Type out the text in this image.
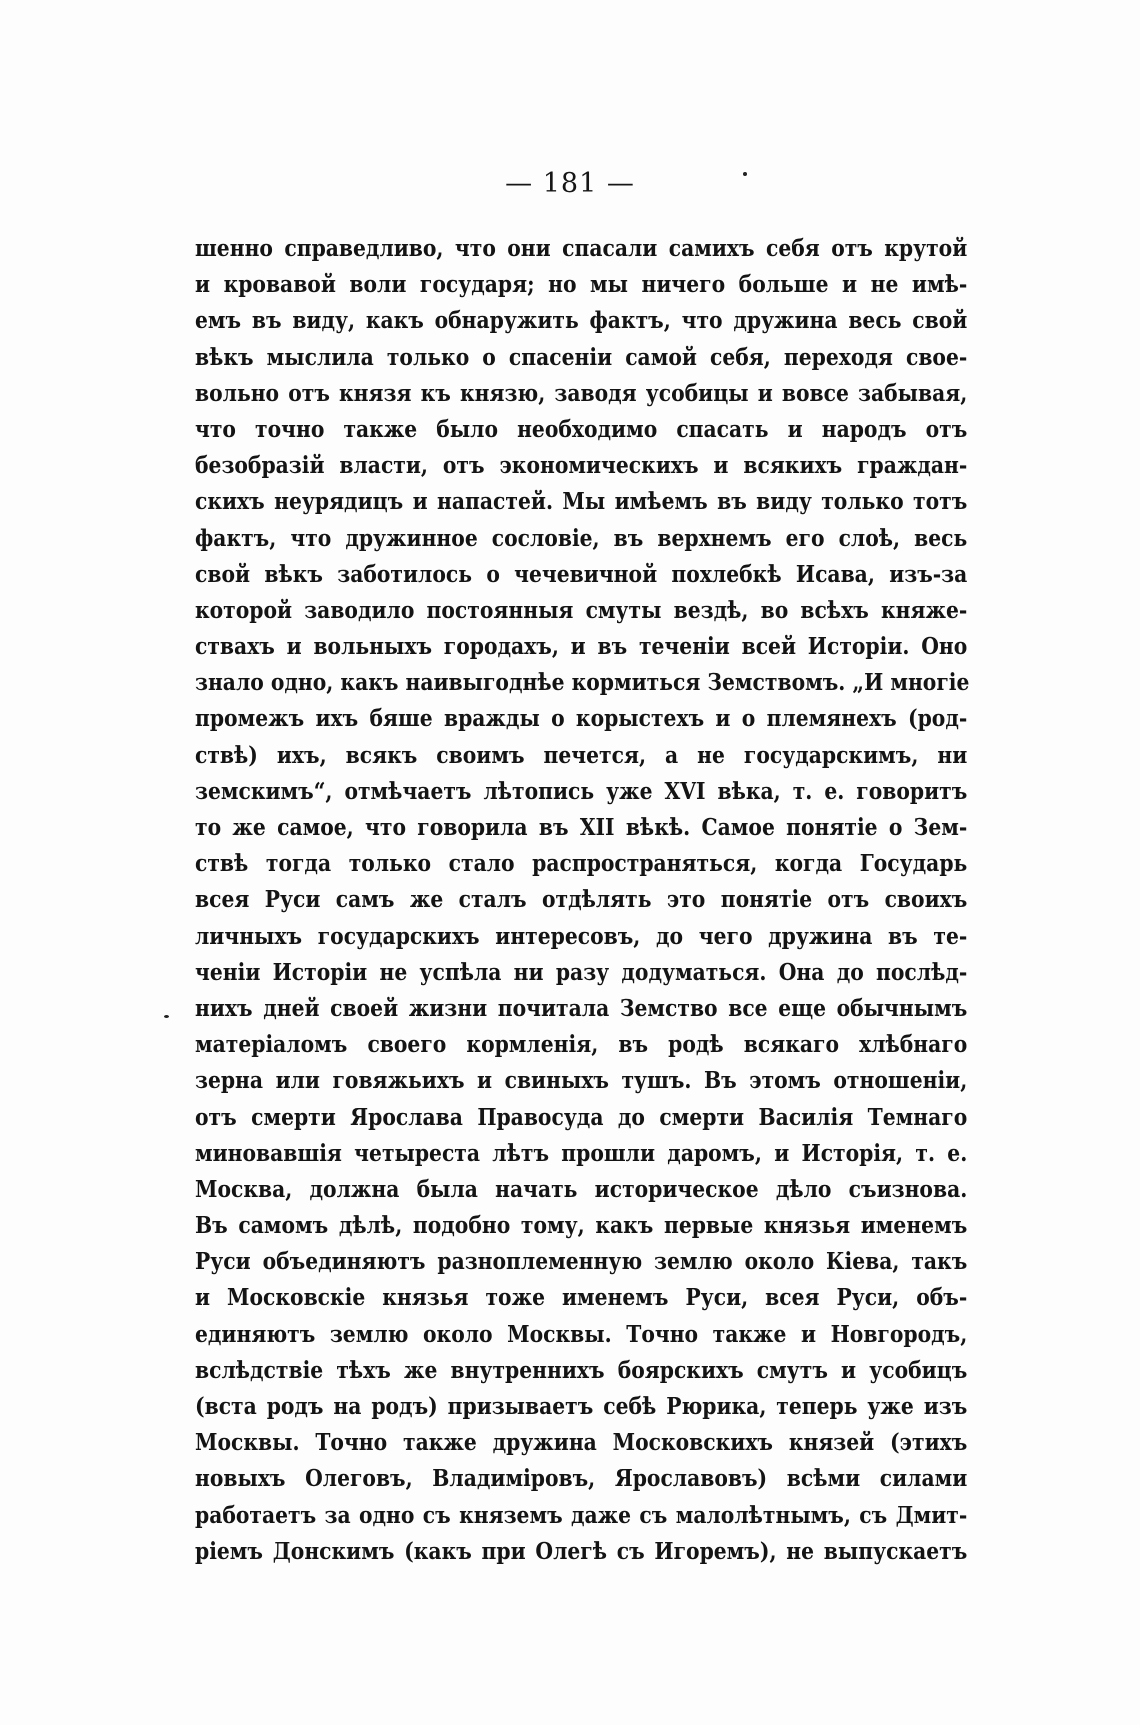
— 181 —
шенно справедливо, что они спасали самихъ себя отъ крутой
и кровавой воли государя; но мы ничего больше и не имѣ-
емъ въ виду, какъ обнаружить фактъ, что дружина весь свой
вѣкъ мыслила только о спасеніи самой себя, переходя свое-
вольно отъ князя къ князю, заводя усобицы и вовсе забывая,
что точно также было необходимо спасать и народъ отъ
безобразій власти, отъ экономическихъ и всякихъ граждан-
скихъ неурядицъ и напастей. Мы имѣемъ въ виду только тотъ
фактъ, что дружинное сословіе, въ верхнемъ его слоѣ, весь
свой вѣкъ заботилось о чечевичной похлебкѣ Исава, изъ-за
которой заводило постоянныя смуты вездѣ, во всѣхъ княже-
ствахъ и вольныхъ городахъ, и въ теченіи всей Исторіи. Оно
знало одно, какъ наивыгоднѣе кормиться Земствомъ. „И многіе
промежъ ихъ бяше вражды о корыстехъ и о племянехъ (род-
ствѣ) ихъ, всякъ своимъ печется, а не государскимъ, ни
земскимъ“, отмѣчаетъ лѣтопись уже XVI вѣка, т. е. говоритъ
то же самое, что говорила въ XII вѣкѣ. Самое понятіе о Зем-
ствѣ тогда только стало распространяться, когда Государь
всея Руси самъ же сталъ отдѣлять это понятіе отъ своихъ
личныхъ государскихъ интересовъ, до чего дружина въ те-
ченіи Исторіи не успѣла ни разу додуматься. Она до послѣд-
нихъ дней своей жизни почитала Земство все еще обычнымъ
матеріаломъ своего кормленія, въ родѣ всякаго хлѣбнаго
зерна или говяжьихъ и свиныхъ тушъ. Въ этомъ отношеніи,
отъ смерти Ярослава Правосуда до смерти Василія Темнаго
миновавшія четыреста лѣтъ прошли даромъ, и Исторія, т. е.
Москва, должна была начать историческое дѣло съизнова.
Въ самомъ дѣлѣ, подобно тому, какъ первые князья именемъ
Руси объединяютъ разноплеменную землю около Кіева, такъ
и Московскіе князья тоже именемъ Руси, всея Руси, объ-
единяютъ землю около Москвы. Точно также и Новгородъ,
вслѣдствіе тѣхъ же внутреннихъ боярскихъ смутъ и усобицъ
(вста родъ на родъ) призываетъ себѣ Рюрика, теперь уже изъ
Москвы. Точно также дружина Московскихъ князей (этихъ
новыхъ Олеговъ, Владиміровъ, Ярославовъ) всѣми силами
работаетъ за одно съ княземъ даже съ малолѣтнымъ, съ Дмит-
ріемъ Донскимъ (какъ при Олегѣ съ Игоремъ), не выпускаетъ
